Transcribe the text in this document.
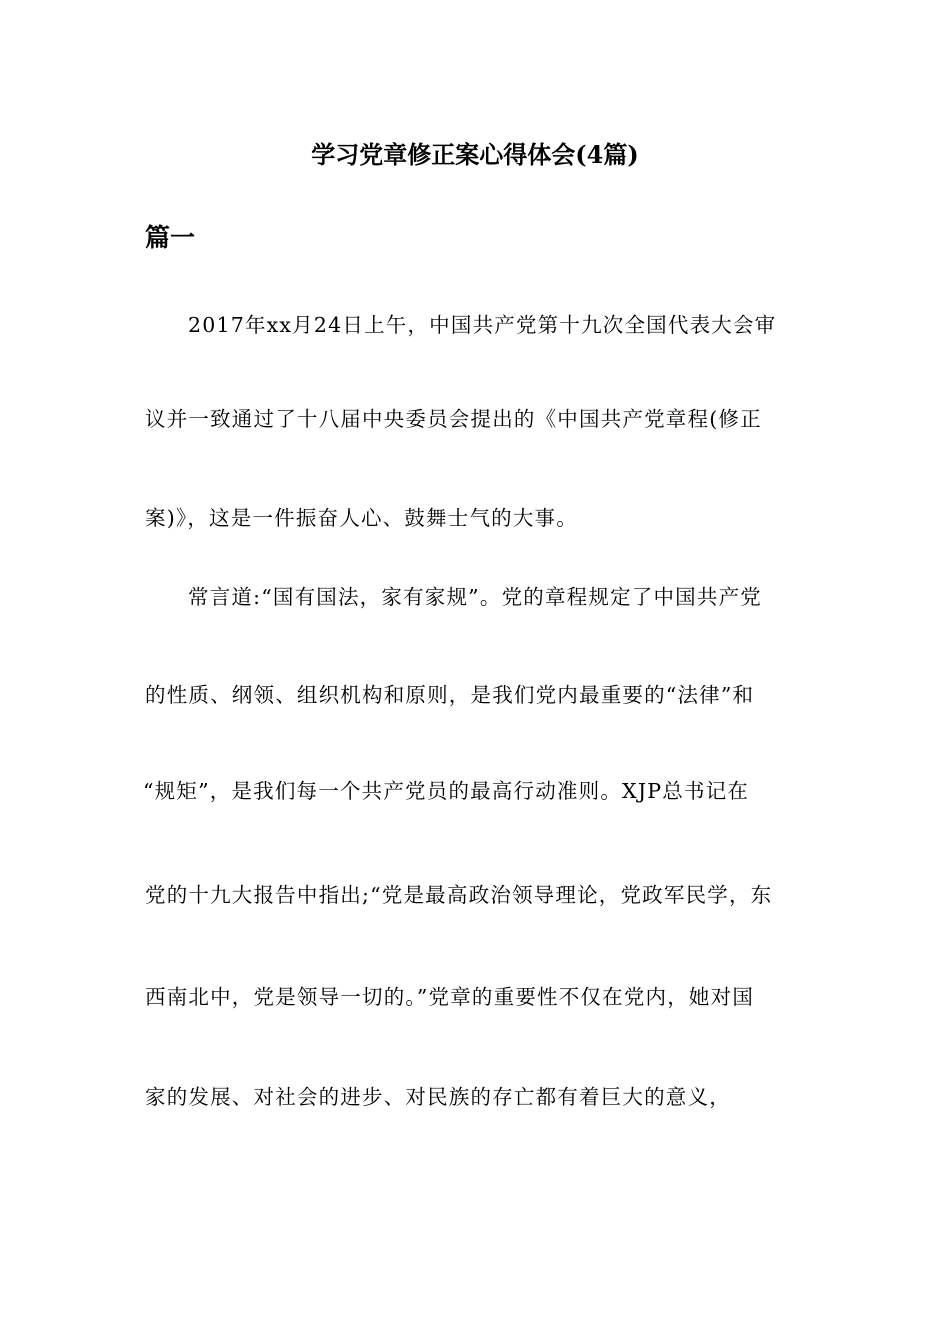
学习党章修正案心得体会(4篇)
篇一
2017年xx月24日上午，中国共产党第十九次全国代表大会审
议并一致通过了十八届中央委员会提出的《中国共产党章程(修正
案)》，这是一件振奋人心、鼓舞士气的大事。
常言道:“国有国法，家有家规”。党的章程规定了中国共产党
的性质、纲领、组织机构和原则，是我们党内最重要的“法律”和
“规矩”，是我们每一个共产党员的最高行动准则。XJP总书记在
党的十九大报告中指出;“党是最高政治领导理论，党政军民学，东
西南北中，党是领导一切的。”党章的重要性不仅在党内，她对国
家的发展、对社会的进步、对民族的存亡都有着巨大的意义，
